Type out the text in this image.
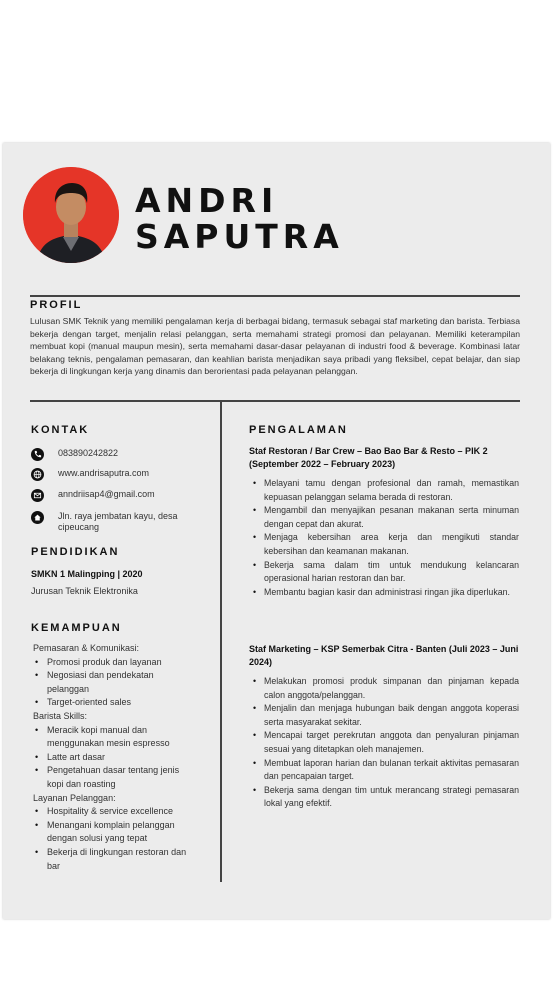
ANDRI
SAPUTRA
PROFIL
Lulusan SMK Teknik yang memiliki pengalaman kerja di berbagai bidang, termasuk sebagai staf marketing dan barista. Terbiasa bekerja dengan target, menjalin relasi pelanggan, serta memahami strategi promosi dan pelayanan. Memiliki keterampilan membuat kopi (manual maupun mesin), serta memahami dasar-dasar pelayanan di industri food & beverage. Kombinasi latar belakang teknis, pengalaman pemasaran, dan keahlian barista menjadikan saya pribadi yang fleksibel, cepat belajar, dan siap bekerja di lingkungan kerja yang dinamis dan berorientasi pada pelayanan pelanggan.
KONTAK
083890242822
www.andrisaputra.com
anndriisap4@gmail.com
Jln. raya jembatan kayu, desa cipeucang
PENDIDIKAN
SMKN 1 Malingping | 2020
Jurusan Teknik Elektronika
KEMAMPUAN
Pemasaran & Komunikasi:
• Promosi produk dan layanan
• Negosiasi dan pendekatan pelanggan
• Target-oriented sales
Barista Skills:
• Meracik kopi manual dan menggunakan mesin espresso
• Latte art dasar
• Pengetahuan dasar tentang jenis kopi dan roasting
Layanan Pelanggan:
• Hospitality & service excellence
• Menangani komplain pelanggan dengan solusi yang tepat
• Bekerja di lingkungan restoran dan bar
PENGALAMAN
Staf Restoran / Bar Crew – Bao Bao Bar & Resto – PIK 2 (September 2022 – February 2023)
• Melayani tamu dengan profesional dan ramah, memastikan kepuasan pelanggan selama berada di restoran.
• Mengambil dan menyajikan pesanan makanan serta minuman dengan cepat dan akurat.
• Menjaga kebersihan area kerja dan mengikuti standar kebersihan dan keamanan makanan.
• Bekerja sama dalam tim untuk mendukung kelancaran operasional harian restoran dan bar.
• Membantu bagian kasir dan administrasi ringan jika diperlukan.
Staf Marketing – KSP Semerbak Citra - Banten (Juli 2023 – Juni 2024)
• Melakukan promosi produk simpanan dan pinjaman kepada calon anggota/pelanggan.
• Menjalin dan menjaga hubungan baik dengan anggota koperasi serta masyarakat sekitar.
• Mencapai target perekrutan anggota dan penyaluran pinjaman sesuai yang ditetapkan oleh manajemen.
• Membuat laporan harian dan bulanan terkait aktivitas pemasaran dan pencapaian target.
• Bekerja sama dengan tim untuk merancang strategi pemasaran lokal yang efektif.
